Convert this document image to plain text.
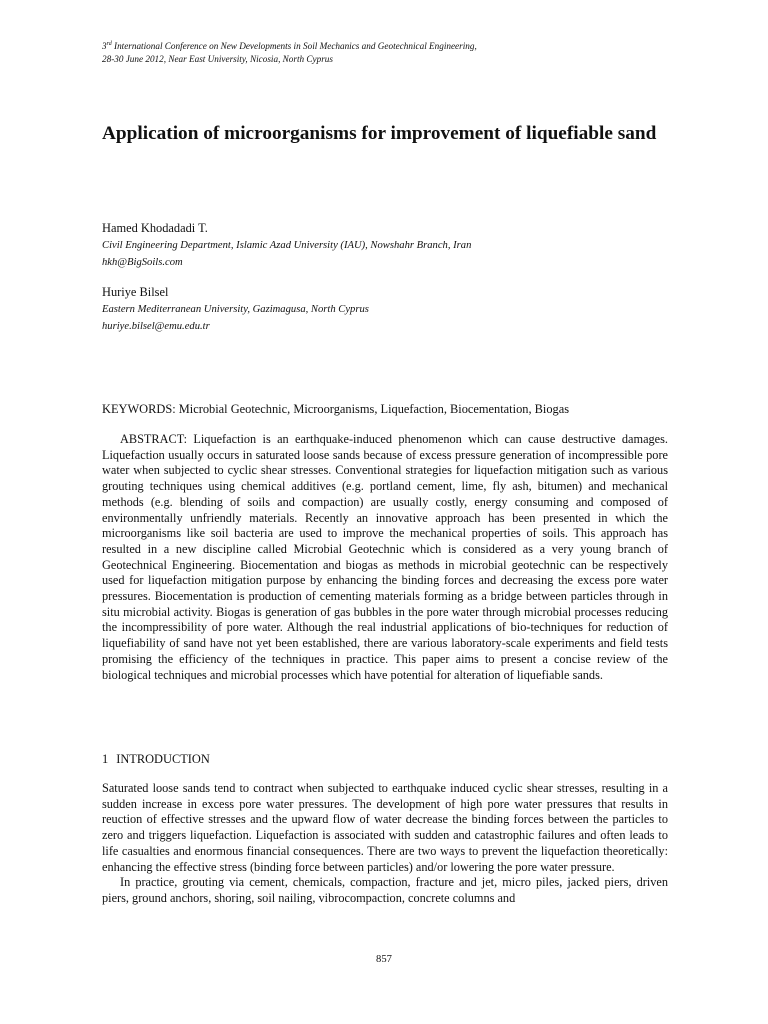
3rd International Conference on New Developments in Soil Mechanics and Geotechnical Engineering,
28-30 June 2012, Near East University, Nicosia, North Cyprus
Application of microorganisms for improvement of liquefiable sand
Hamed Khodadadi T.
Civil Engineering Department, Islamic Azad University (IAU), Nowshahr Branch, Iran
hkh@BigSoils.com
Huriye Bilsel
Eastern Mediterranean University, Gazimagusa, North Cyprus
huriye.bilsel@emu.edu.tr
KEYWORDS: Microbial Geotechnic, Microorganisms, Liquefaction, Biocementation, Biogas

ABSTRACT: Liquefaction is an earthquake-induced phenomenon which can cause destructive damages. Liquefaction usually occurs in saturated loose sands because of excess pressure generation of incompressible pore water when subjected to cyclic shear stresses. Conventional strategies for liquefaction mitigation such as various grouting techniques using chemical additives (e.g. portland cement, lime, fly ash, bitumen) and mechanical methods (e.g. blending of soils and compaction) are usually costly, energy consuming and composed of environmentally unfriendly materials. Recently an innovative approach has been presented in which the microorganisms like soil bacteria are used to improve the mechanical properties of soils. This approach has resulted in a new discipline called Microbial Geotechnic which is considered as a very young branch of Geotechnical Engineering. Biocementation and biogas as methods in microbial geotechnic can be respectively used for liquefaction mitigation purpose by enhancing the binding forces and decreasing the excess pore water pressures. Biocementation is production of cementing materials forming as a bridge between particles through in situ microbial activity. Biogas is generation of gas bubbles in the pore water through microbial processes reducing the incompressibility of pore water. Although the real industrial applications of bio-techniques for reduction of liquefiability of sand have not yet been established, there are various laboratory-scale experiments and field tests promising the efficiency of the techniques in practice. This paper aims to present a concise review of the biological techniques and microbial processes which have potential for alteration of liquefiable sands.

1 INTRODUCTION

Saturated loose sands tend to contract when subjected to earthquake induced cyclic shear stresses, resulting in a sudden increase in excess pore water pressures. The development of high pore water pressures that results in reuction of effective stresses and the upward flow of water decrease the binding forces between the particles to zero and triggers liquefaction. Liquefaction is associated with sudden and catastrophic failures and often leads to life casualties and enormous financial consequences. There are two ways to prevent the liquefaction theoretically: enhancing the effective stress (binding force between particles) and/or lowering the pore water pressure.

In practice, grouting via cement, chemicals, compaction, fracture and jet, micro piles, jacked piers, driven piers, ground anchors, shoring, soil nailing, vibrocompaction, concrete columns and

857
